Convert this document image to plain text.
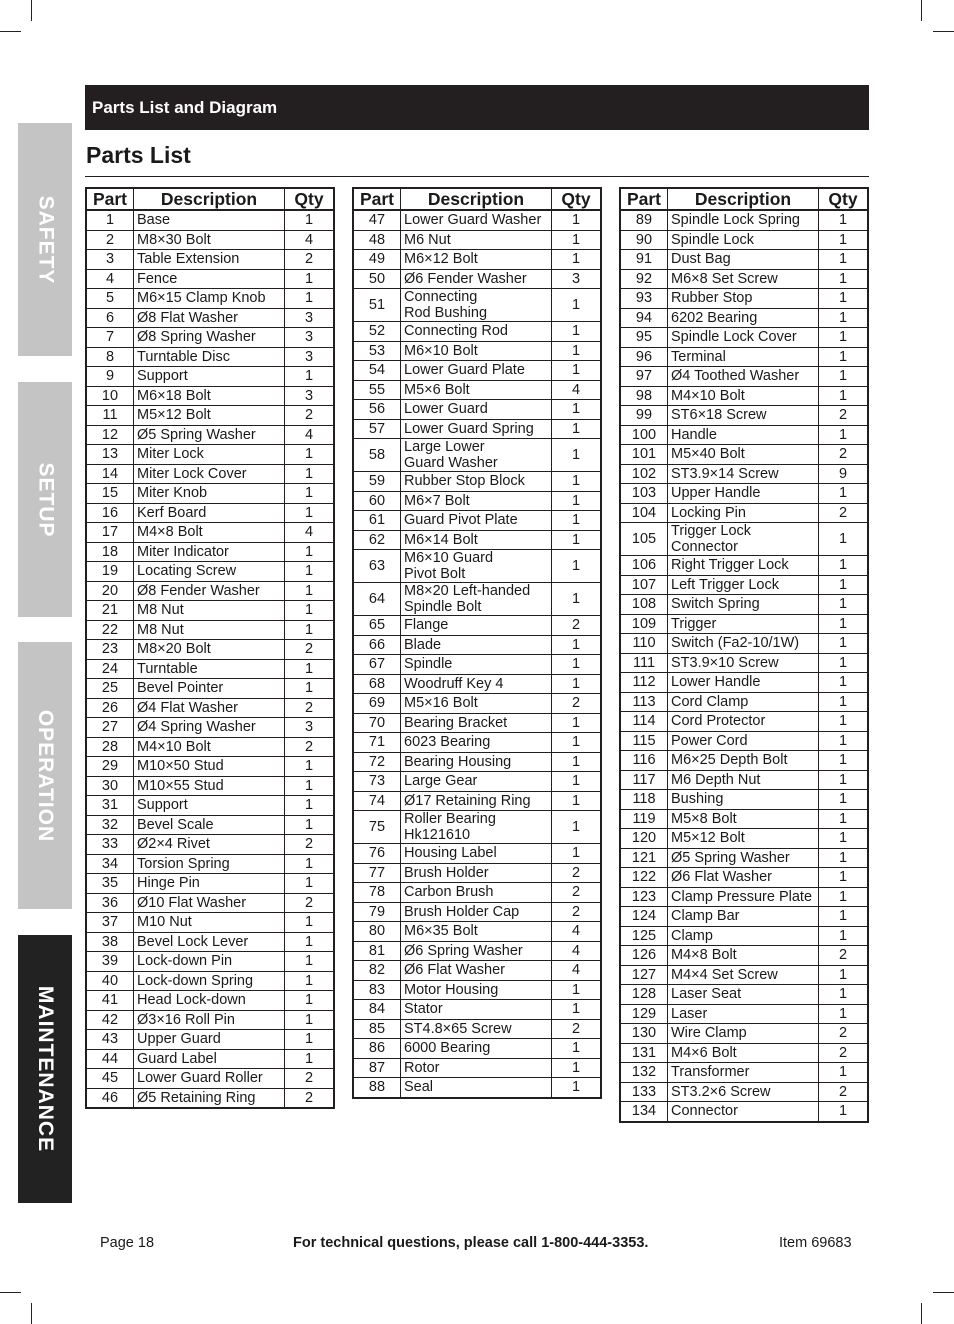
SAFETY
SETUP
OPERATION
MAINTENANCE
Parts List and Diagram
Parts List
Part	Description	Qty
1	Base	1
2	M8×30 Bolt	4
3	Table Extension	2
4	Fence	1
5	M6×15 Clamp Knob	1
6	Ø8 Flat Washer	3
7	Ø8 Spring Washer	3
8	Turntable Disc	3
9	Support	1
10	M6×18 Bolt	3
11	M5×12 Bolt	2
12	Ø5 Spring Washer	4
13	Miter Lock	1
14	Miter Lock Cover	1
15	Miter Knob	1
16	Kerf Board	1
17	M4×8 Bolt	4
18	Miter Indicator	1
19	Locating Screw	1
20	Ø8 Fender Washer	1
21	M8 Nut	1
22	M8 Nut	1
23	M8×20 Bolt	2
24	Turntable	1
25	Bevel Pointer	1
26	Ø4 Flat Washer	2
27	Ø4 Spring Washer	3
28	M4×10 Bolt	2
29	M10×50 Stud	1
30	M10×55 Stud	1
31	Support	1
32	Bevel Scale	1
33	Ø2×4 Rivet	2
34	Torsion Spring	1
35	Hinge Pin	1
36	Ø10 Flat Washer	2
37	M10 Nut	1
38	Bevel Lock Lever	1
39	Lock-down Pin	1
40	Lock-down Spring	1
41	Head Lock-down	1
42	Ø3×16 Roll Pin	1
43	Upper Guard	1
44	Guard Label	1
45	Lower Guard Roller	2
46	Ø5 Retaining Ring	2
Part	Description	Qty
47	Lower Guard Washer	1
48	M6 Nut	1
49	M6×12 Bolt	1
50	Ø6 Fender Washer	3
51	Connecting
Rod Bushing	1
52	Connecting Rod	1
53	M6×10 Bolt	1
54	Lower Guard Plate	1
55	M5×6 Bolt	4
56	Lower Guard	1
57	Lower Guard Spring	1
58	Large Lower
Guard Washer	1
59	Rubber Stop Block	1
60	M6×7 Bolt	1
61	Guard Pivot Plate	1
62	M6×14 Bolt	1
63	M6×10 Guard
Pivot Bolt	1
64	M8×20 Left-handed
Spindle Bolt	1
65	Flange	2
66	Blade	1
67	Spindle	1
68	Woodruff Key 4	1
69	M5×16 Bolt	2
70	Bearing Bracket	1
71	6023 Bearing	1
72	Bearing Housing	1
73	Large Gear	1
74	Ø17 Retaining Ring	1
75	Roller Bearing
Hk121610	1
76	Housing Label	1
77	Brush Holder	2
78	Carbon Brush	2
79	Brush Holder Cap	2
80	M6×35 Bolt	4
81	Ø6 Spring Washer	4
82	Ø6 Flat Washer	4
83	Motor Housing	1
84	Stator	1
85	ST4.8×65 Screw	2
86	6000 Bearing	1
87	Rotor	1
88	Seal	1
Part	Description	Qty
89	Spindle Lock Spring	1
90	Spindle Lock	1
91	Dust Bag	1
92	M6×8 Set Screw	1
93	Rubber Stop	1
94	6202 Bearing	1
95	Spindle Lock Cover	1
96	Terminal	1
97	Ø4 Toothed Washer	1
98	M4×10 Bolt	1
99	ST6×18 Screw	2
100	Handle	1
101	M5×40 Bolt	2
102	ST3.9×14 Screw	9
103	Upper Handle	1
104	Locking Pin	2
105	Trigger Lock
Connector	1
106	Right Trigger Lock	1
107	Left Trigger Lock	1
108	Switch Spring	1
109	Trigger	1
110	Switch (Fa2-10/1W)	1
111	ST3.9×10 Screw	1
112	Lower Handle	1
113	Cord Clamp	1
114	Cord Protector	1
115	Power Cord	1
116	M6×25 Depth Bolt	1
117	M6 Depth Nut	1
118	Bushing	1
119	M5×8 Bolt	1
120	M5×12 Bolt	1
121	Ø5 Spring Washer	1
122	Ø6 Flat Washer	1
123	Clamp Pressure Plate	1
124	Clamp Bar	1
125	Clamp	1
126	M4×8 Bolt	2
127	M4×4 Set Screw	1
128	Laser Seat	1
129	Laser	1
130	Wire Clamp	2
131	M4×6 Bolt	2
132	Transformer	1
133	ST3.2×6 Screw	2
134	Connector	1
Page 18	For technical questions, please call 1-800-444-3353.	Item 69683
